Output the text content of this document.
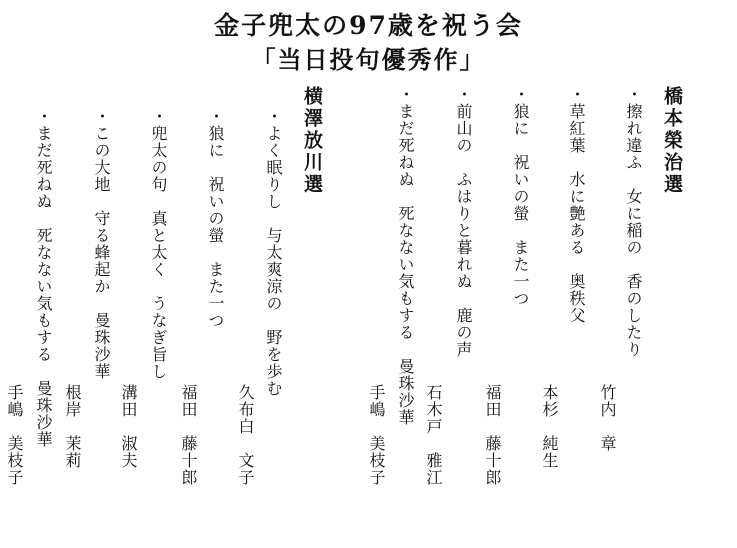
金子兜太の97歳を祝う会
「当日投句優秀作」
橋本榮治選
・擦れ違ふ　女に稲の　香のしたり
竹内　章
・草紅葉　水に艶ある　奥秩父
本杉　純生
・狼に　祝いの螢　また一つ
福田　藤十郎
・前山の　ふはりと暮れぬ　鹿の声
石木戸　雅江
・まだ死ねぬ　死なない気もする　曼珠沙華
手嶋　美枝子
横澤放川選
・よく眠りし　与太爽涼の　野を歩む
久布白　文子
・狼に　祝いの螢　また一つ
福田　藤十郎
・兜太の句　真と太く　うなぎ旨し
溝田　淑夫
・この大地　守る蜂起か　曼珠沙華
根岸　茉莉
・まだ死ねぬ　死なない気もする　曼珠沙華
手嶋　美枝子
